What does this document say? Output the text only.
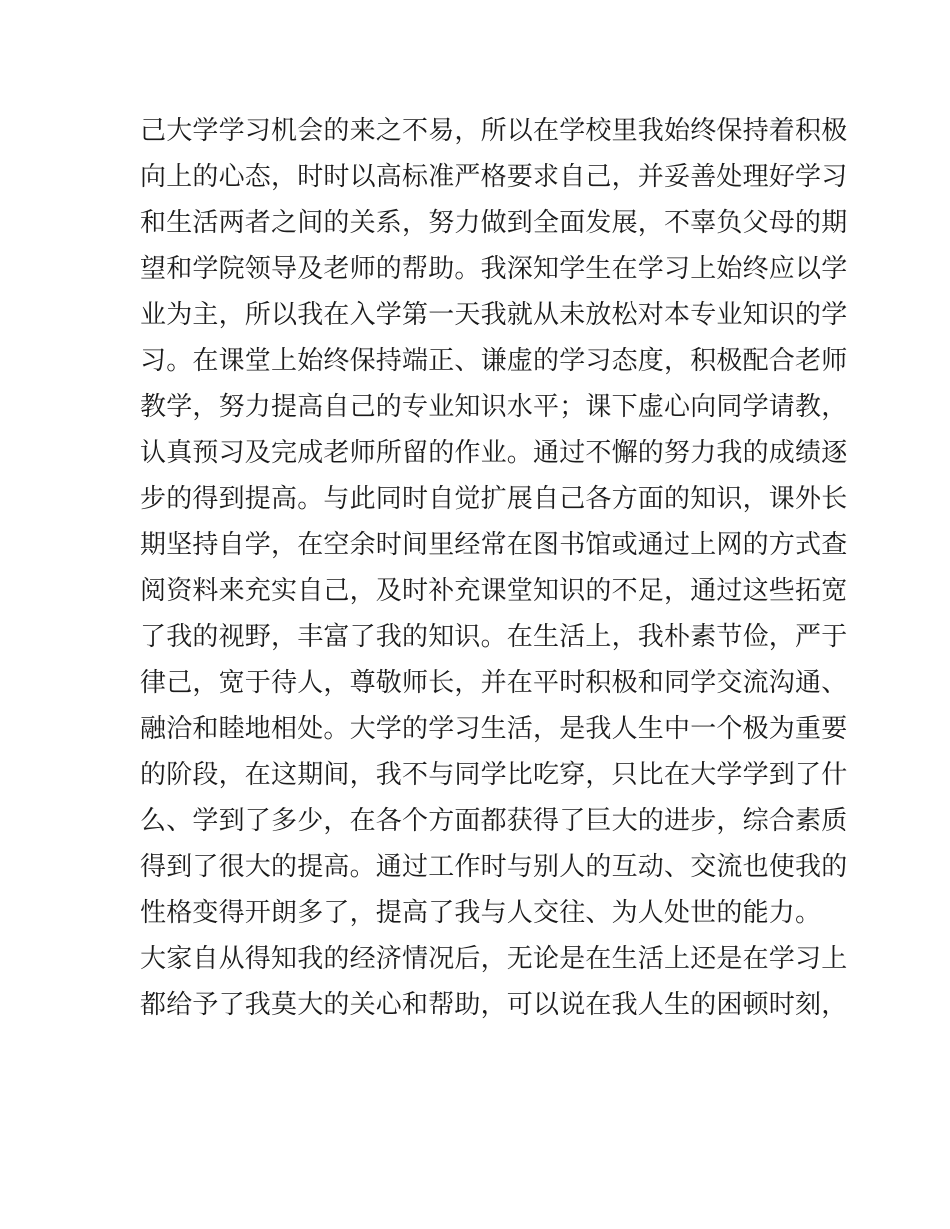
己大学学习机会的来之不易，所以在学校里我始终保持着积极
向上的心态，时时以高标准严格要求自己，并妥善处理好学习
和生活两者之间的关系，努力做到全面发展，不辜负父母的期
望和学院领导及老师的帮助。我深知学生在学习上始终应以学
业为主，所以我在入学第一天我就从未放松对本专业知识的学
习。在课堂上始终保持端正、谦虚的学习态度，积极配合老师
教学，努力提高自己的专业知识水平；课下虚心向同学请教，
认真预习及完成老师所留的作业。通过不懈的努力我的成绩逐
步的得到提高。与此同时自觉扩展自己各方面的知识，课外长
期坚持自学，在空余时间里经常在图书馆或通过上网的方式查
阅资料来充实自己，及时补充课堂知识的不足，通过这些拓宽
了我的视野，丰富了我的知识。在生活上，我朴素节俭，严于
律己，宽于待人，尊敬师长，并在平时积极和同学交流沟通、
融洽和睦地相处。大学的学习生活，是我人生中一个极为重要
的阶段，在这期间，我不与同学比吃穿，只比在大学学到了什
么、学到了多少，在各个方面都获得了巨大的进步，综合素质
得到了很大的提高。通过工作时与别人的互动、交流也使我的
性格变得开朗多了，提高了我与人交往、为人处世的能力。
大家自从得知我的经济情况后，无论是在生活上还是在学习上
都给予了我莫大的关心和帮助，可以说在我人生的困顿时刻，
